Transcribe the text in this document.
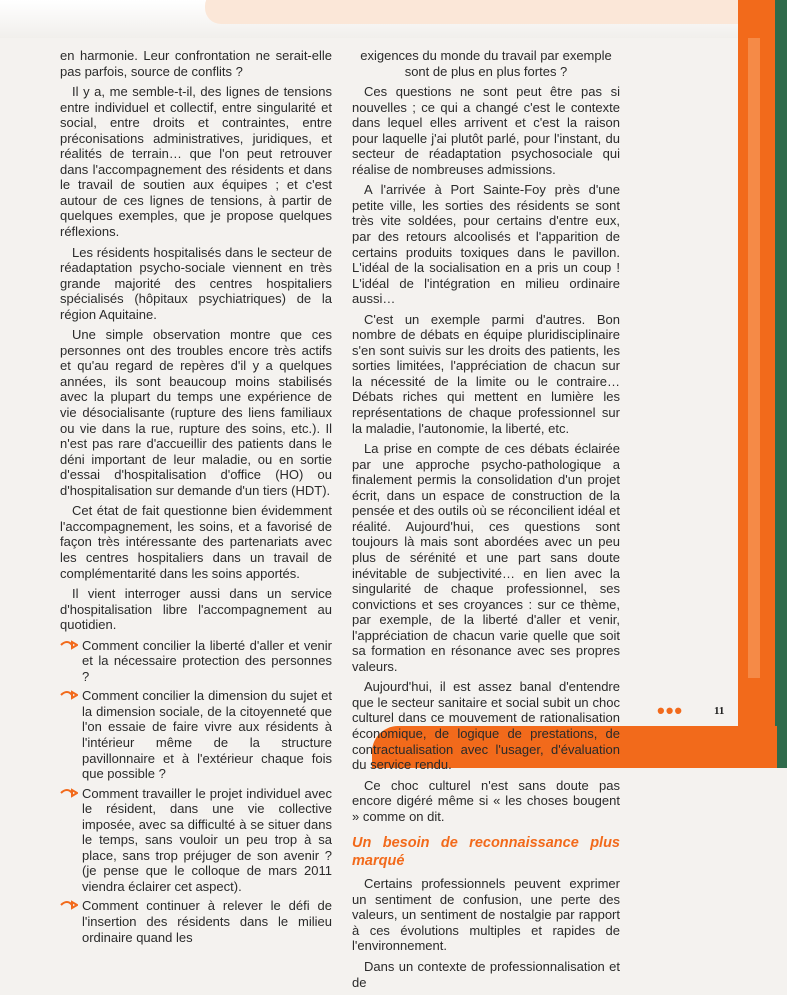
en harmonie. Leur confrontation ne serait-elle pas parfois, source de conflits ?

Il y a, me semble-t-il, des lignes de tensions entre individuel et collectif, entre singularité et social, entre droits et contraintes, entre préconisations administratives, juridiques, et réalités de terrain… que l'on peut retrouver dans l'accompagnement des résidents et dans le travail de soutien aux équipes ; et c'est autour de ces lignes de tensions, à partir de quelques exemples, que je propose quelques réflexions.

Les résidents hospitalisés dans le secteur de réadaptation psycho-sociale viennent en très grande majorité des centres hospitaliers spécialisés (hôpitaux psychiatriques) de la région Aquitaine.

Une simple observation montre que ces personnes ont des troubles encore très actifs et qu'au regard de repères d'il y a quelques années, ils sont beaucoup moins stabilisés avec la plupart du temps une expérience de vie désocialisante (rupture des liens familiaux ou vie dans la rue, rupture des soins, etc.). Il n'est pas rare d'accueillir des patients dans le déni important de leur maladie, ou en sortie d'essai d'hospitalisation d'office (HO) ou d'hospitalisation sur demande d'un tiers (HDT).

Cet état de fait questionne bien évidemment l'accompagnement, les soins, et a favorisé de façon très intéressante des partenariats avec les centres hospitaliers dans un travail de complémentarité dans les soins apportés.

Il vient interroger aussi dans un service d'hospitalisation libre l'accompagnement au quotidien.

Comment concilier la liberté d'aller et venir et la nécessaire protection des personnes ?
Comment concilier la dimension du sujet et la dimension sociale, de la citoyenneté que l'on essaie de faire vivre aux résidents à l'intérieur même de la structure pavillonnaire et à l'extérieur chaque fois que possible ?
Comment travailler le projet individuel avec le résident, dans une vie collective imposée, avec sa difficulté à se situer dans le temps, sans vouloir un peu trop à sa place, sans trop préjuger de son avenir ? (je pense que le colloque de mars 2011 viendra éclairer cet aspect).
Comment continuer à relever le défi de l'insertion des résidents dans le milieu ordinaire quand les

exigences du monde du travail par exemple sont de plus en plus fortes ?

Ces questions ne sont peut être pas si nouvelles ; ce qui a changé c'est le contexte dans lequel elles arrivent et c'est la raison pour laquelle j'ai plutôt parlé, pour l'instant, du secteur de réadaptation psychosociale qui réalise de nombreuses admissions.

A l'arrivée à Port Sainte-Foy près d'une petite ville, les sorties des résidents se sont très vite soldées, pour certains d'entre eux, par des retours alcoolisés et l'apparition de certains produits toxiques dans le pavillon. L'idéal de la socialisation en a pris un coup ! L'idéal de l'intégration en milieu ordinaire aussi…

C'est un exemple parmi d'autres. Bon nombre de débats en équipe pluridisciplinaire s'en sont suivis sur les droits des patients, les sorties limitées, l'appréciation de chacun sur la nécessité de la limite ou le contraire… Débats riches qui mettent en lumière les représentations de chaque professionnel sur la maladie, l'autonomie, la liberté, etc.

La prise en compte de ces débats éclairée par une approche psycho-pathologique a finalement permis la consolidation d'un projet écrit, dans un espace de construction de la pensée et des outils où se réconcilient idéal et réalité. Aujourd'hui, ces questions sont toujours là mais sont abordées avec un peu plus de sérénité et une part sans doute inévitable de subjectivité… en lien avec la singularité de chaque professionnel, ses convictions et ses croyances : sur ce thème, par exemple, de la liberté d'aller et venir, l'appréciation de chacun varie quelle que soit sa formation en résonance avec ses propres valeurs.

Aujourd'hui, il est assez banal d'entendre que le secteur sanitaire et social subit un choc culturel dans ce mouvement de rationalisation économique, de logique de prestations, de contractualisation avec l'usager, d'évaluation du service rendu.

Ce choc culturel n'est sans doute pas encore digéré même si « les choses bougent » comme on dit.

Un besoin de reconnaissance plus marqué

Certains professionnels peuvent exprimer un sentiment de confusion, une perte des valeurs, un sentiment de nostalgie par rapport à ces évolutions multiples et rapides de l'environnement.

Dans un contexte de professionnalisation et de

•••	11
